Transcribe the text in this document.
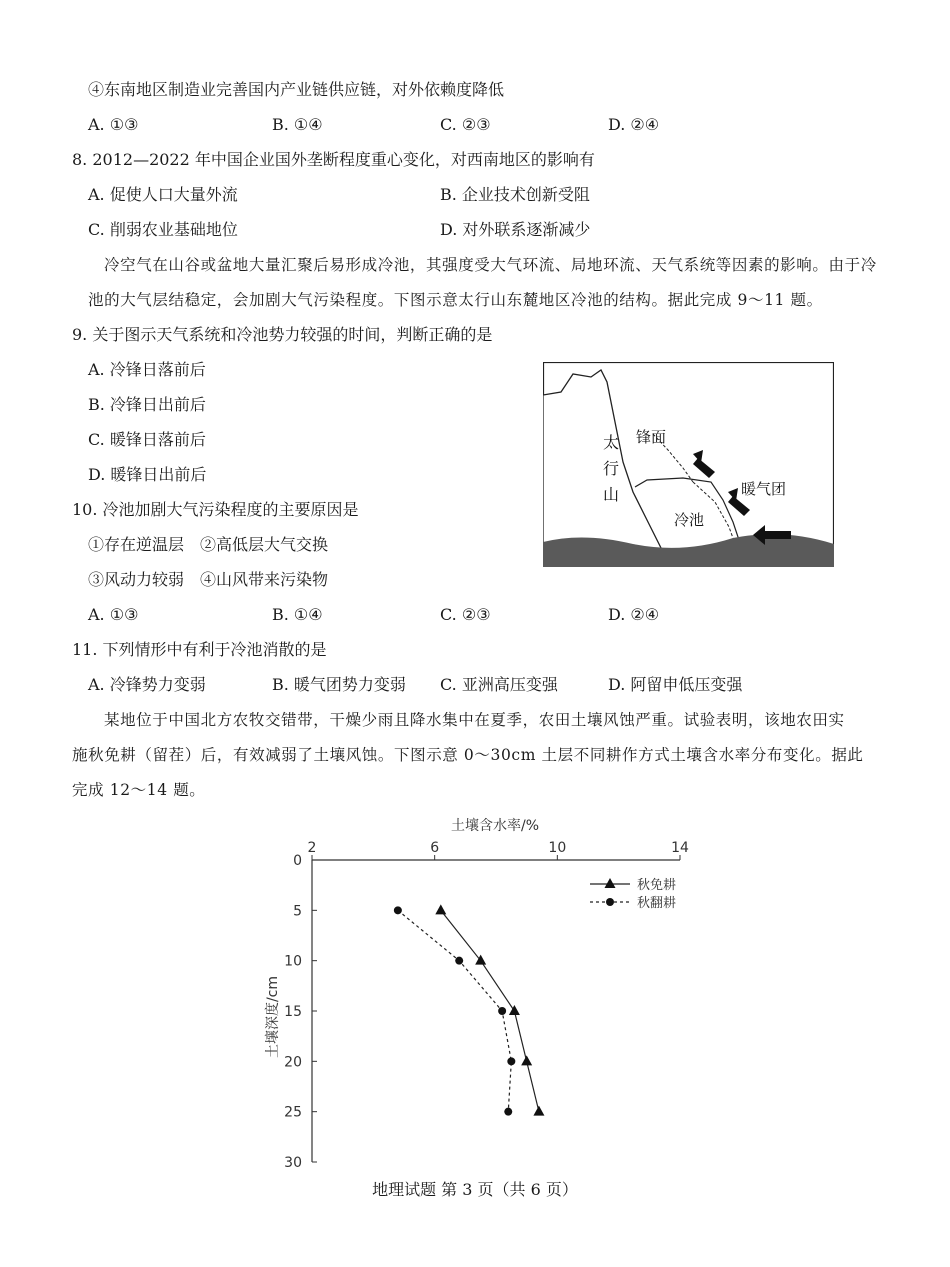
④东南地区制造业完善国内产业链供应链，对外依赖度降低
A. ①③	B. ①④	C. ②③	D. ②④
8. 2012—2022 年中国企业国外垄断程度重心变化，对西南地区的影响有
A. 促使人口大量外流	B. 企业技术创新受阻
C. 削弱农业基础地位	D. 对外联系逐渐减少
冷空气在山谷或盆地大量汇聚后易形成冷池，其强度受大气环流、局地环流、天气系统等因素的影响。由于冷池的大气层结稳定，会加剧大气污染程度。下图示意太行山东麓地区冷池的结构。据此完成 9～11 题。
9. 关于图示天气系统和冷池势力较强的时间，判断正确的是
A. 冷锋日落前后
B. 冷锋日出前后
C. 暖锋日落前后
D. 暖锋日出前后
太
行
山
锋面
暖气团
冷池
10. 冷池加剧大气污染程度的主要原因是
①存在逆温层　②高低层大气交换
③风动力较弱　④山风带来污染物
A. ①③	B. ①④	C. ②③	D. ②④
11. 下列情形中有利于冷池消散的是
A. 冷锋势力变弱	B. 暖气团势力变弱 C. 亚洲高压变强	D. 阿留申低压变强
某地位于中国北方农牧交错带，干燥少雨且降水集中在夏季，农田土壤风蚀严重。试验表明，该地农田实
施秋免耕（留茬）后，有效减弱了土壤风蚀。下图示意 0～30cm 土层不同耕作方式土壤含水率分布变化。据此
完成 12～14 题。
土壤含水率/%
土壤深度/cm
2	6	10	14
0
5
10
15
20
25
30
秋免耕
秋翻耕
地理试题 第 3 页（共 6 页）
